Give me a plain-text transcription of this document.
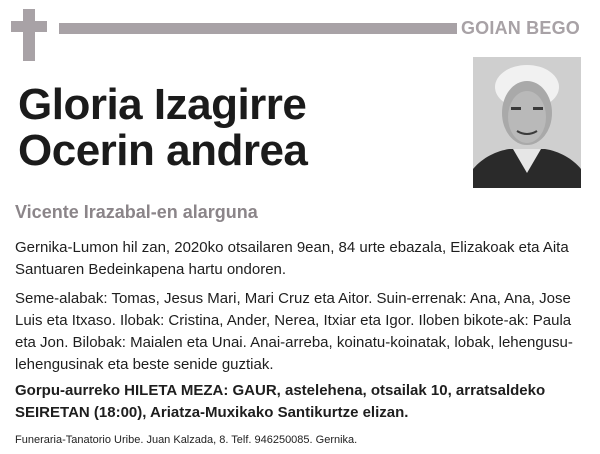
GOIAN BEGO
Gloria Izagirre
Ocerin andrea
Vicente Irazabal-en alarguna

Gernika-Lumon hil zan, 2020ko otsailaren 9ean, 84 urte ebazala, Elizakoak eta Aita Santuaren Bedeinkapena hartu ondoren.

Seme-alabak: Tomas, Jesus Mari, Mari Cruz eta Aitor. Suin-errenak: Ana, Ana, Jose Luis eta Itxaso. Ilobak: Cristina, Ander, Nerea, Itxiar eta Igor. Iloben bikote-ak: Paula eta Jon. Bilobak: Maialen eta Unai. Anai-arreba, koinatu-koinatak, lobak, lehengusu-lehengusinak eta beste senide guztiak.

Gorpu-aurreko HILETA MEZA: GAUR, astelehena, otsailak 10, arratsaldeko SEIRETAN (18:00), Ariatza-Muxikako Santikurtze elizan.

Funeraria-Tanatorio Uribe. Juan Kalzada, 8. Telf. 946250085. Gernika.
